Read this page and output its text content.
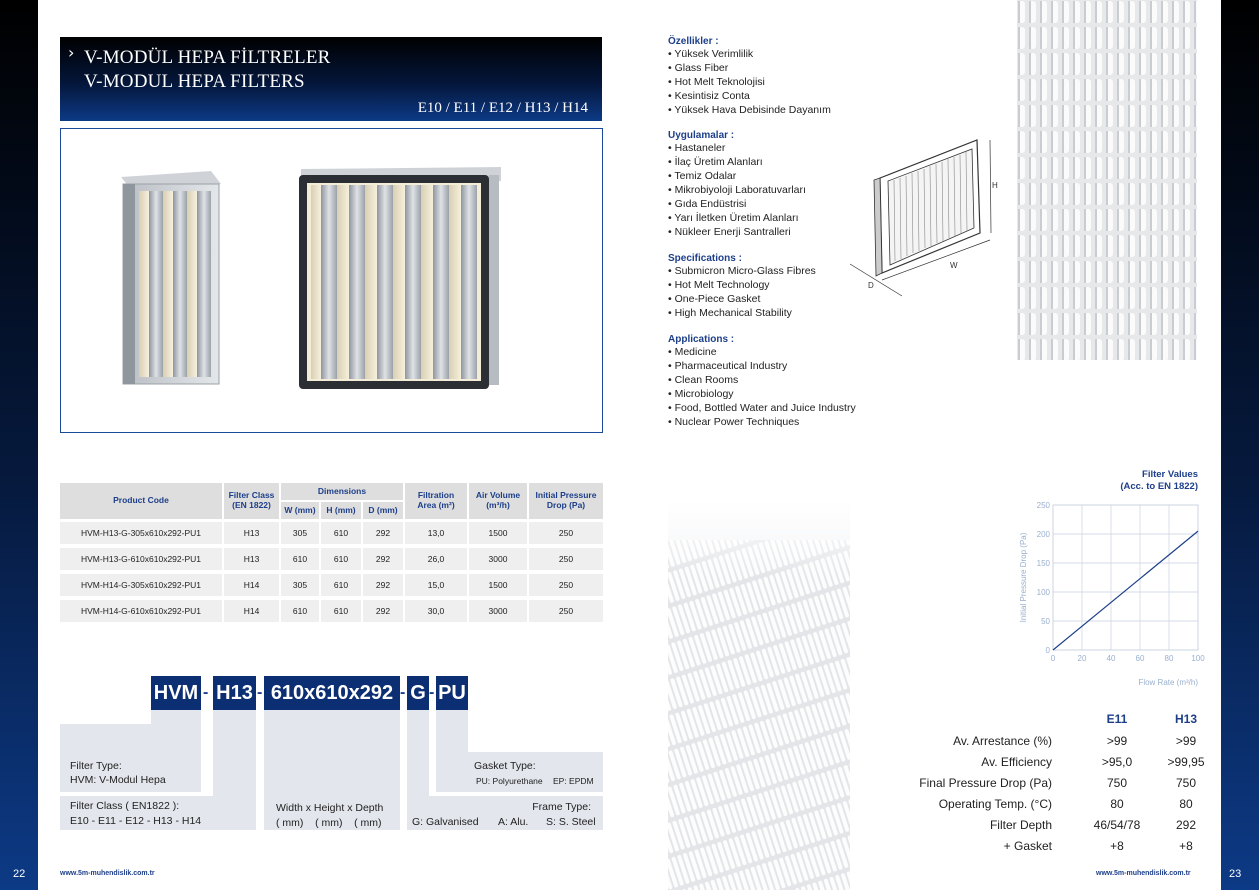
22	23
› V-MODÜL HEPA FİLTRELER
V-MODUL HEPA FILTERS
E10 / E11 / E12 / H13 / H14
Product Code	Filter Class (EN 1822)
Dimensions
W (mm)	H (mm)	D (mm)
Filtration Area (m²)
Air Volume (m³/h)
Initial Pressure Drop (Pa)
HVM-H13-G-305x610x292-PU1	H13	305	610	292	13,0	1500	250
HVM-H13-G-610x610x292-PU1	H13	610	610	292	26,0	3000	250
HVM-H14-G-305x610x292-PU1	H14	305	610	292	15,0	1500	250
HVM-H14-G-610x610x292-PU1	H14	610	610	292	30,0	3000	250
HVM - H13 - 610x610x292 - G - PU
Filter Type:
HVM: V-Modul Hepa
Filter Class ( EN1822 ):
E10 - E11 - E12 - H13 - H14
Width x Height x Depth
( mm)    ( mm)    ( mm)
Gasket Type:
PU: Polyurethane EP: EPDM
Frame Type:
G: Galvanised A: Alu. S: S. Steel
www.5m-muhendislik.com.tr
Özellikler :
• Yüksek Verimlilik
• Glass Fiber
• Hot Melt Teknolojisi
• Kesintisiz Conta
• Yüksek Hava Debisinde Dayanım
Uygulamalar :
• Hastaneler
• İlaç Üretim Alanları
• Temiz Odalar
• Mikrobiyoloji Laboratuvarları
• Gıda Endüstrisi
• Yarı İletken Üretim Alanları
• Nükleer Enerji Santralleri
Specifications :
• Submicron Micro-Glass Fibres
• Hot Melt Technology
• One-Piece Gasket
• High Mechanical Stability
Applications :
• Medicine
• Pharmaceutical Industry
• Clean Rooms
• Microbiology
• Food, Bottled Water and Juice Industry
• Nuclear Power Techniques
H
W
D
Filter Values
(Acc. to EN 1822)
0	20	40	60	80 100
0
50
100
150
200
250
Flow Rate (m³/h)
Initial Pressure Drop (Pa)
E11	H13
Av. Arrestance (%)	>99	>99
Av. Efficiency	>95,0	>99,95
Final Pressure Drop (Pa)	750	750
Operating Temp. (°C)	80	80
Filter Depth	46/54/78	292
+ Gasket	+8	+8
www.5m-muhendislik.com.tr
